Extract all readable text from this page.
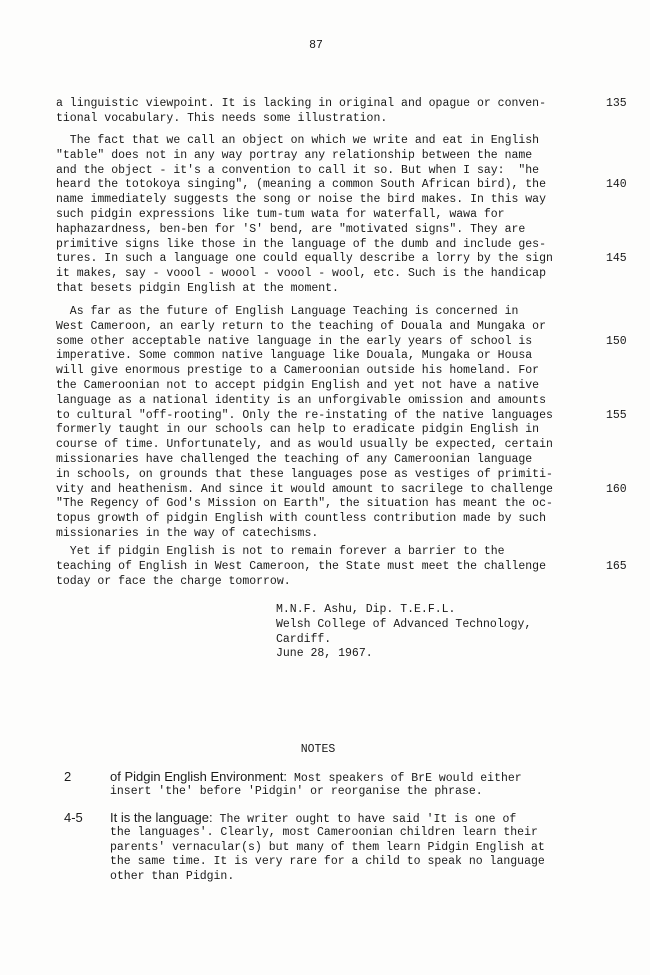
87
a linguistic viewpoint. It is lacking in original and opague or conven-
tional vocabulary. This needs some illustration.
135
The fact that we call an object on which we write and eat in English
"table" does not in any way portray any relationship between the name
and the object - it's a convention to call it so. But when I say:  "he
heard the totokoya singing", (meaning a common South African bird), the
name immediately suggests the song or noise the bird makes. In this way
such pidgin expressions like tum-tum wata for waterfall, wawa for
haphazardness, ben-ben for 'S' bend, are "motivated signs". They are
primitive signs like those in the language of the dumb and include ges-
tures. In such a language one could equally describe a lorry by the sign
it makes, say - voool - woool - voool - wool, etc. Such is the handicap
that besets pidgin English at the moment.
140
145
As far as the future of English Language Teaching is concerned in
West Cameroon, an early return to the teaching of Douala and Mungaka or
some other acceptable native language in the early years of school is
imperative. Some common native language like Douala, Mungaka or Housa
will give enormous prestige to a Cameroonian outside his homeland. For
the Cameroonian not to accept pidgin English and yet not have a native
language as a national identity is an unforgivable omission and amounts
to cultural "off-rooting". Only the re-instating of the native languages
formerly taught in our schools can help to eradicate pidgin English in
course of time. Unfortunately, and as would usually be expected, certain
missionaries have challenged the teaching of any Cameroonian language
in schools, on grounds that these languages pose as vestiges of primiti-
vity and heathenism. And since it would amount to sacrilege to challenge
"The Regency of God's Mission on Earth", the situation has meant the oc-
topus growth of pidgin English with countless contribution made by such
missionaries in the way of catechisms.
150
155
160
Yet if pidgin English is not to remain forever a barrier to the
teaching of English in West Cameroon, the State must meet the challenge
today or face the charge tomorrow.
165
M.N.F. Ashu, Dip. T.E.F.L.
Welsh College of Advanced Technology,
Cardiff.
June 28, 1967.
NOTES
2	of Pidgin English Environment: Most speakers of BrE would either
insert 'the' before 'Pidgin' or reorganise the phrase.
4-5 It is the language: The writer ought to have said 'It is one of
the languages'. Clearly, most Cameroonian children learn their
parents' vernacular(s) but many of them learn Pidgin English at
the same time. It is very rare for a child to speak no language
other than Pidgin.
